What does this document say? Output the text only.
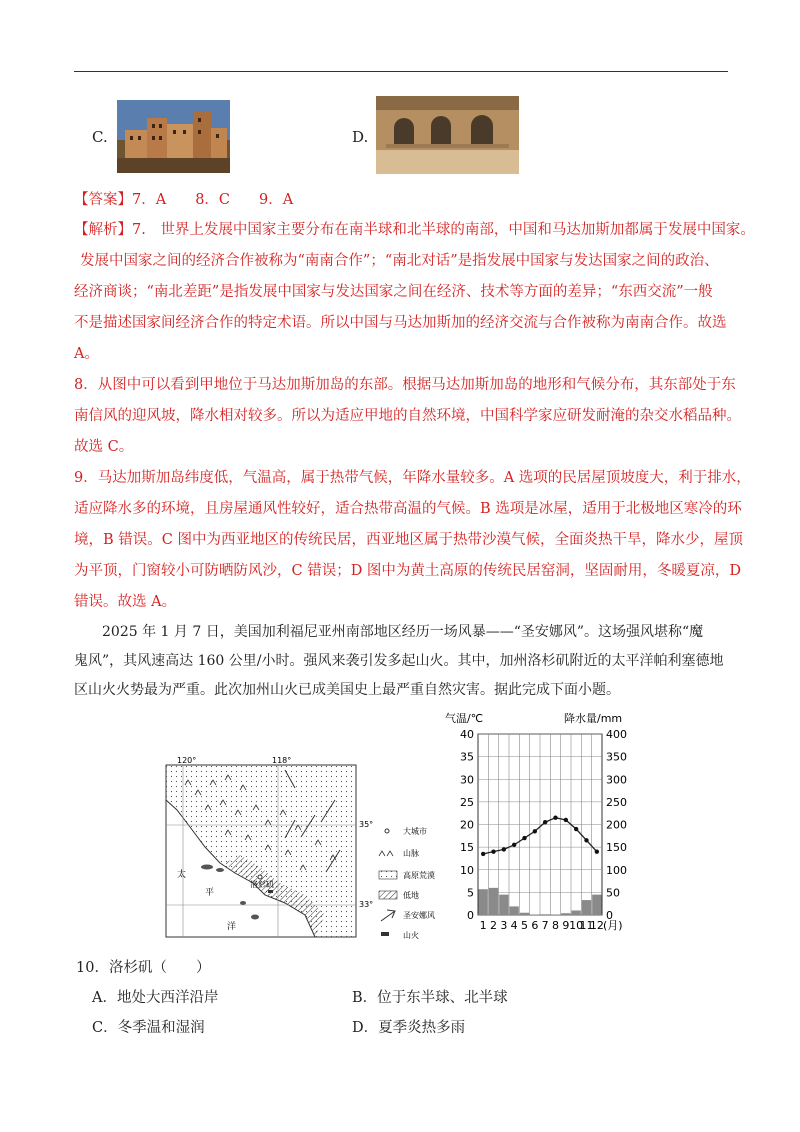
C.	D.
【答案】7．A　　8．C　　9．A
【解析】7.　世界上发展中国家主要分布在南半球和北半球的南部，中国和马达加斯加都属于发展中国家。
发展中国家之间的经济合作被称为“南南合作”；“南北对话”是指发展中国家与发达国家之间的政治、
经济商谈；“南北差距”是指发展中国家与发达国家之间在经济、技术等方面的差异；“东西交流”一般
不是描述国家间经济合作的特定术语。所以中国与马达加斯加的经济交流与合作被称为南南合作。故选
A。
8．从图中可以看到甲地位于马达加斯加岛的东部。根据马达加斯加岛的地形和气候分布，其东部处于东
南信风的迎风坡，降水相对较多。所以为适应甲地的自然环境，中国科学家应研发耐淹的杂交水稻品种。
故选 C。
9．马达加斯加岛纬度低，气温高，属于热带气候，年降水量较多。A 选项的民居屋顶坡度大，利于排水，
适应降水多的环境，且房屋通风性较好，适合热带高温的气候。B 选项是冰屋，适用于北极地区寒冷的环
境，B 错误。C 图中为西亚地区的传统民居，西亚地区属于热带沙漠气候，全面炎热干旱，降水少，屋顶
为平顶，门窗较小可防晒防风沙，C 错误；D 图中为黄土高原的传统民居窑洞，坚固耐用，冬暖夏凉，D
错误。故选 A。
2025 年 1 月 7 日，美国加利福尼亚州南部地区经历一场风暴——“圣安娜风”。这场强风堪称“魔
鬼风”，其风速高达 160 公里/小时。强风来袭引发多起山火。其中，加州洛杉矶附近的太平洋帕利塞德地
区山火火势最为严重。此次加州山火已成美国史上最严重自然灾害。据此完成下面小题。
120°	118°
35°
33°
洛杉矶
太
平
洋
大城市
山脉
高原荒漠
低地
圣安娜风
山火
气温/℃	降水量/mm
0	0
5	50
10	100
15	150
20	200
25	250
30	300
35	350
40	400
1 2 3 4 5 6 7 8 9 10
11
12 (月)
10．洛杉矶（　　）
A．地处大西洋沿岸	B．位于东半球、北半球
C．冬季温和湿润	D．夏季炎热多雨
